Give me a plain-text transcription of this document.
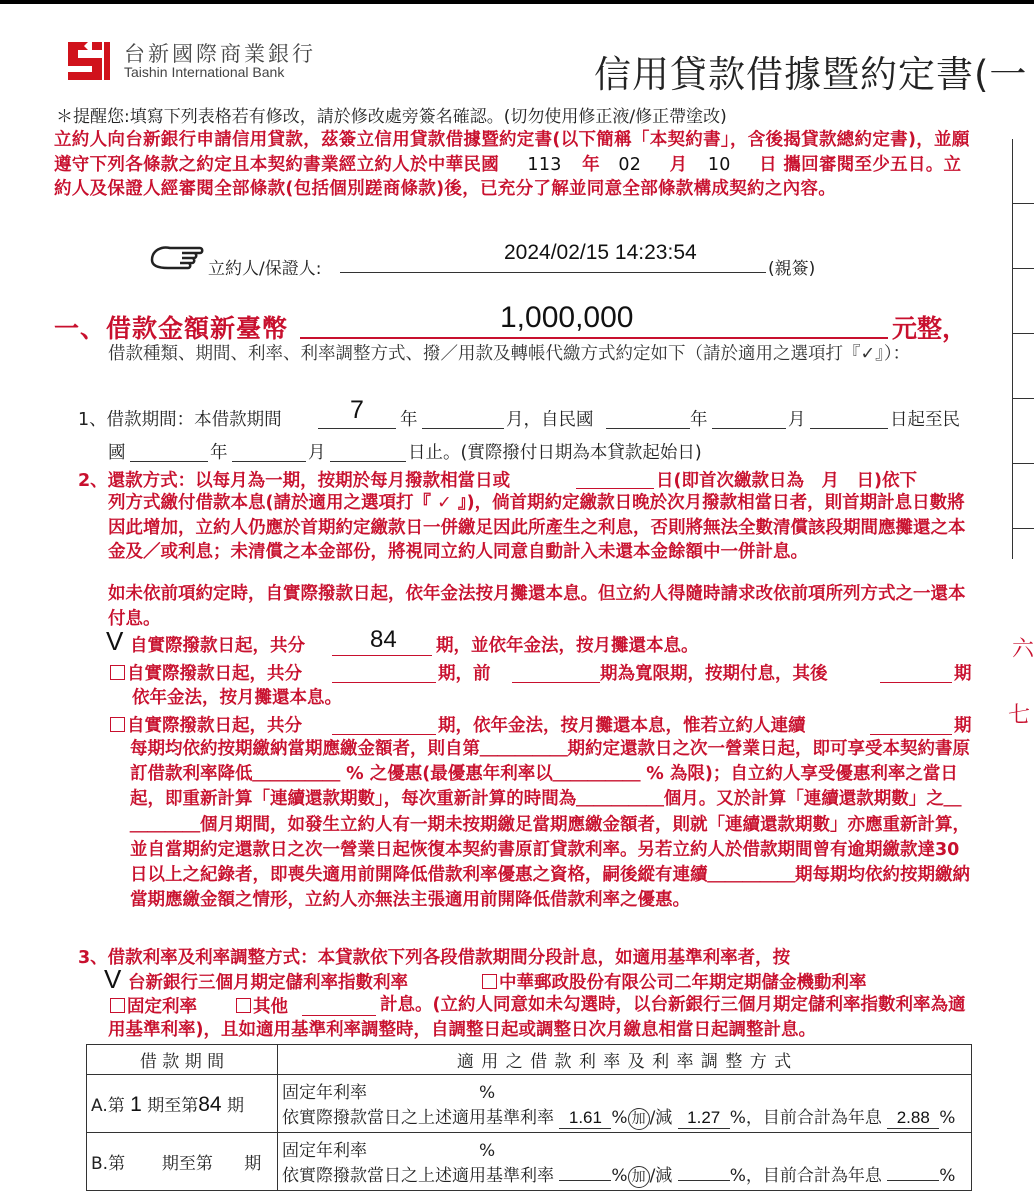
台新國際商業銀行
Taishin International Bank	信用貸款借據暨約定書(一
＊提醒您:填寫下列表格若有修改，請於修改處旁簽名確認。(切勿使用修正液/修正帶塗改)
立約人向台新銀行申請信用貸款，茲簽立信用貸款借據暨約定書(以下簡稱「本契約書」，含後揭貸款總約定書)，並願遵守下列各條款之約定且本契約書業經立約人於中華民國 113 年 02 月 10 日 攜回審閱至少五日。立約人及保證人經審閱全部條款(包括個別蹉商條款)後，已充分了解並同意全部條款構成契約之內容。
立約人/保證人:
2024/02/15 14:23:54
(親簽)
一、借款金額新臺幣	1,000,000	元整，
借款種類、期間、利率、利率調整方式、撥／用款及轉帳代繳方式約定如下（請於適用之選項打『✓』）：
1、借款期間：本借款期間	7 年	月，自民國	年	月	日起至民
國	年	月	日止。(實際撥付日期為本貸款起始日)
2、還款方式：以每月為一期，按期於每月撥款相當日或	日(即首次繳款日為　月　日)依下
列方式繳付借款本息(請於適用之選項打『 ✓ 』)，倘首期約定繳款日晚於次月撥款相當日者，則首期計息日數將因此增加，立約人仍應於首期約定繳款日一併繳足因此所產生之利息，否則將無法全數清償該段期間應攤還之本金及／或利息；未清償之本金部份，將視同立約人同意自動計入未還本金餘額中一併計息。
如未依前項約定時，自實際撥款日起，依年金法按月攤還本息。但立約人得隨時請求改依前項所列方式之一還本付息。
V 自實際撥款日起，共分	84 期，並依年金法，按月攤還本息。
自實際撥款日起，共分	期，前	期為寬限期，按期付息，其後	期
依年金法，按月攤還本息。
自實際撥款日起，共分	期，依年金法，按月攤還本息，惟若立約人連續	期
每期均依約按期繳納當期應繳金額者，則自第＿＿＿＿＿期約定還款日之次一營業日起，即可享受本契約書原訂借款利率降低＿＿＿＿＿ % 之優惠(最優惠年利率以＿＿＿＿＿ % 為限)；自立約人享受優惠利率之當日起，即重新計算「連續還款期數」，每次重新計算的時間為＿＿＿＿＿個月。又於計算「連續還款期數」之＿＿＿＿＿個月期間，如發生立約人有一期未按期繳足當期應繳金額者，則就「連續還款期數」亦應重新計算，並自當期約定還款日之次一營業日起恢復本契約書原訂貸款利率。另若立約人於借款期間曾有逾期繳款達30日以上之紀錄者，即喪失適用前開降低借款利率優惠之資格，嗣後縱有連續＿＿＿＿＿期每期均依約按期繳納當期應繳金額之情形，立約人亦無法主張適用前開降低借款利率之優惠。
3、借款利率及利率調整方式：本貸款依下列各段借款期間分段計息，如適用基準利率者，按
V 台新銀行三個月期定儲利率指數利率	中華郵政股份有限公司二年期定期儲金機動利率
固定利率	其他	計息。(立約人同意如未勾選時，以台新銀行三個月期定儲利率指數利率為適用基準利率)，且如適用基準利率調整時，自調整日起或調整日次月繳息相當日起調整計息。
借 款 期 間	適 用 之 借 款 利 率 及 利 率 調 整 方 式
A.第 1 期至第84 期	固定年利率 %
依實際撥款當日之上述適用基準利率 1.61 % 加 /減 1.27 %，目前合計為年息 2.88 %

B.第 期至第 期	固定年利率 %
依實際撥款當日之上述適用基準利率 % 加 /減 %，目前合計為年息 %
六
七
